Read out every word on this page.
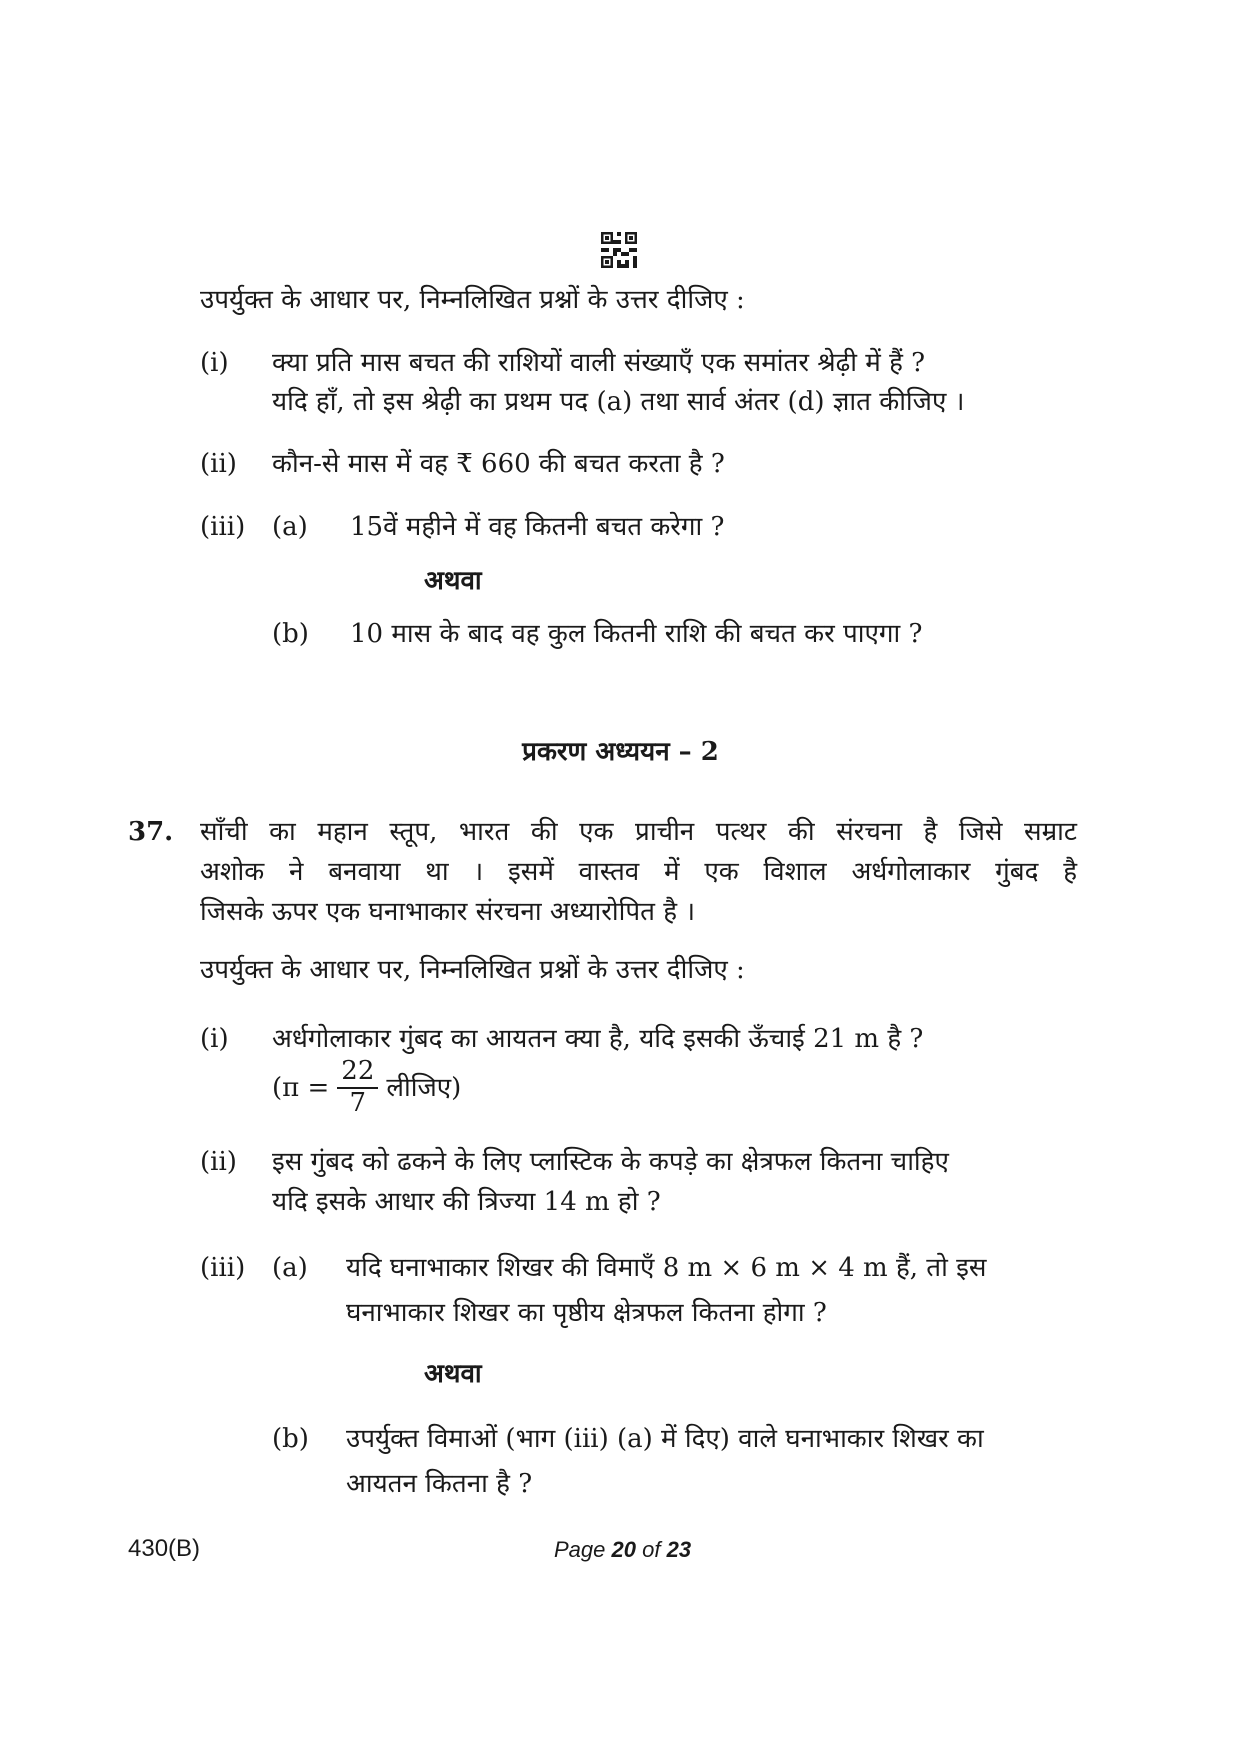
उपर्युक्त के आधार पर, निम्नलिखित प्रश्नों के उत्तर दीजिए :

(i) क्या प्रति मास बचत की राशियों वाली संख्याएँ एक समांतर श्रेढ़ी में हैं ?

यदि हाँ, तो इस श्रेढ़ी का प्रथम पद (a) तथा सार्व अंतर (d) ज्ञात कीजिए ।

(ii) कौन-से मास में वह ₹ 660 की बचत करता है ?

(iii) (a) 15वें महीने में वह कितनी बचत करेगा ?

अथवा

(b) 10 मास के बाद वह कुल कितनी राशि की बचत कर पाएगा ?

प्रकरण अध्ययन – 2

37. साँची का महान स्तूप, भारत की एक प्राचीन पत्थर की संरचना है जिसे सम्राट

अशोक ने बनवाया था । इसमें वास्तव में एक विशाल अर्धगोलाकार गुंबद है

जिसके ऊपर एक घनाभाकार संरचना अध्यारोपित है ।

उपर्युक्त के आधार पर, निम्नलिखित प्रश्नों के उत्तर दीजिए :

(i) अर्धगोलाकार गुंबद का आयतन क्या है, यदि इसकी ऊँचाई 21 m है ?

($\pi = \frac{22}{7}$ लीजिए)
(ii) इस गुंबद को ढकने के लिए प्लास्टिक के कपड़े का क्षेत्रफल कितना चाहिए

यदि इसके आधार की त्रिज्या 14 m हो ?

(iii) (a) यदि घनाभाकार शिखर की विमाएँ 8 m × 6 m × 4 m हैं, तो इस

घनाभाकार शिखर का पृष्ठीय क्षेत्रफल कितना होगा ?

अथवा

(b) उपर्युक्त विमाओं (भाग (iii) (a) में दिए) वाले घनाभाकार शिखर का

आयतन कितना है ?

430(B)	Page 20 of 23
